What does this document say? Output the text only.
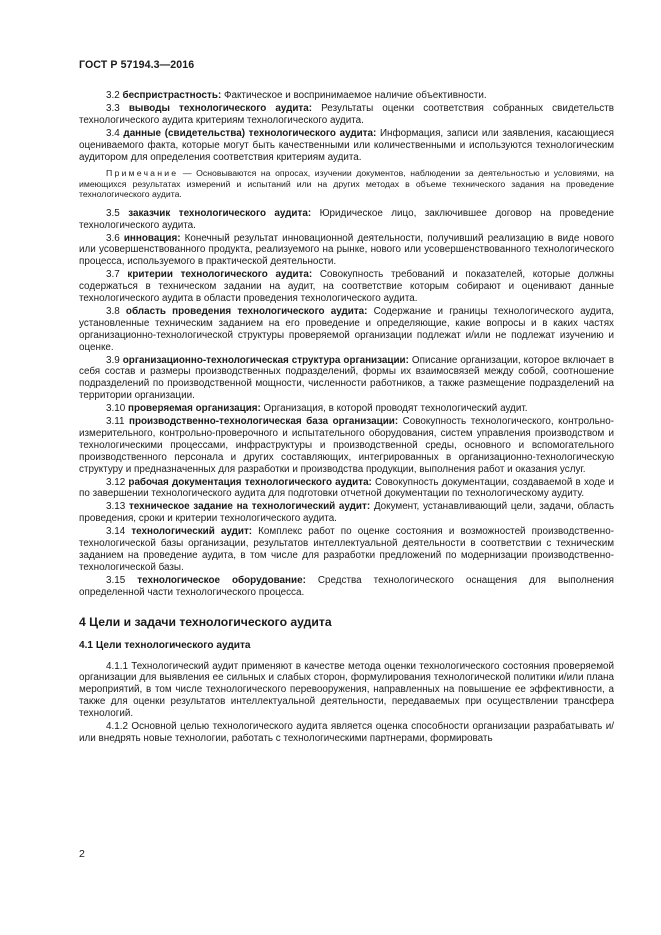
ГОСТ Р 57194.3—2016

3.2 беспристрастность: Фактическое и воспринимаемое наличие объективности.

3.3 выводы технологического аудита: Результаты оценки соответствия собранных свидетельств технологического аудита критериям технологического аудита.

3.4 данные (свидетельства) технологического аудита: Информация, записи или заявления, касающиеся оцениваемого факта, которые могут быть качественными или количественными и используются технологическим аудитором для определения соответствия критериям аудита.

Примечание — Основываются на опросах, изучении документов, наблюдении за деятельностью и условиями, на имеющихся результатах измерений и испытаний или на других методах в объеме технического задания на проведение технологического аудита.

3.5 заказчик технологического аудита: Юридическое лицо, заключившее договор на проведение технологического аудита.

3.6 инновация: Конечный результат инновационной деятельности, получивший реализацию в виде нового или усовершенствованного продукта, реализуемого на рынке, нового или усовершенствованного технологического процесса, используемого в практической деятельности.

3.7 критерии технологического аудита: Совокупность требований и показателей, которые должны содержаться в техническом задании на аудит, на соответствие которым собирают и оценивают данные технологического аудита в области проведения технологического аудита.

3.8 область проведения технологического аудита: Содержание и границы технологического аудита, установленные техническим заданием на его проведение и определяющие, какие вопросы и в каких частях организационно-технологической структуры проверяемой организации подлежат и/или не подлежат изучению и оценке.

3.9 организационно-технологическая структура организации: Описание организации, которое включает в себя состав и размеры производственных подразделений, формы их взаимосвязей между собой, соотношение подразделений по производственной мощности, численности работников, а также размещение подразделений на территории организации.

3.10 проверяемая организация: Организация, в которой проводят технологический аудит.

3.11 производственно-технологическая база организации: Совокупность технологического, контрольно-измерительного, контрольно-проверочного и испытательного оборудования, систем управления производством и технологическими процессами, инфраструктуры и производственной среды, основного и вспомогательного производственного персонала и других составляющих, интегрированных в организационно-технологическую структуру и предназначенных для разработки и производства продукции, выполнения работ и оказания услуг.

3.12 рабочая документация технологического аудита: Совокупность документации, создаваемой в ходе и по завершении технологического аудита для подготовки отчетной документации по технологическому аудиту.

3.13 техническое задание на технологический аудит: Документ, устанавливающий цели, задачи, область проведения, сроки и критерии технологического аудита.

3.14 технологический аудит: Комплекс работ по оценке состояния и возможностей производственно-технологической базы организации, результатов интеллектуальной деятельности в соответствии с техническим заданием на проведение аудита, в том числе для разработки предложений по модернизации производственно-технологической базы.

3.15 технологическое оборудование: Средства технологического оснащения для выполнения определенной части технологического процесса.

4 Цели и задачи технологического аудита
4.1 Цели технологического аудита

4.1.1 Технологический аудит применяют в качестве метода оценки технологического состояния проверяемой организации для выявления ее сильных и слабых сторон, формулирования технологической политики и/или плана мероприятий, в том числе технологического перевооружения, направленных на повышение ее эффективности, а также для оценки результатов интеллектуальной деятельности, передаваемых при осуществлении трансфера технологий.

4.1.2 Основной целью технологического аудита является оценка способности организации разрабатывать и/или внедрять новые технологии, работать с технологическими партнерами, формировать

2
